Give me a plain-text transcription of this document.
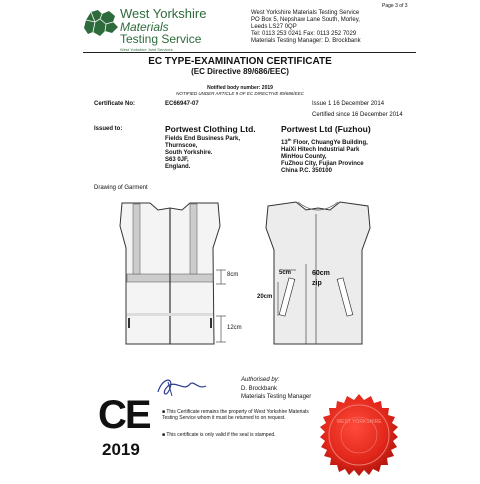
West Yorkshire
Materials
Testing Service
West Yorkshire Joint Services
Page 3 of 3
West Yorkshire Materials Testing Service
PO Box 5, Nepshaw Lane South, Morley,
Leeds LS27 0QP
Tel: 0113 253 0241 Fax: 0113 252 7029
Materials Testing Manager: D. Brockbank
EC TYPE-EXAMINATION CERTIFICATE
(EC Directive 89/686/EEC)
Notified body number: 2019
NOTIFIED UNDER ARTICLE 9 OF EC DIRECTIVE 89/686/EEC
Certificate No:	EC66947-07	Issue 1 16 December 2014
Certified since 16 December 2014
Issued to:	Portwest Clothing Ltd.
Fields End Business Park,
Thurnscoe,
South Yorkshire.
S63 0JF,
England.
Portwest Ltd (Fuzhou)
13th Floor, ChuangYe Building,
HaiXi Hitech Industrial Park
MinHou County,
FuZhou City, Fujian Province
China P.C. 350100
Drawing of Garment
8cm
12cm
5cm	60cm
zip
20cm
Authorised by:
D. Brockbank
Materials Testing Manager
■ This Certificate remains the property of West Yorkshire Materials Testing Service whom it must be returned to on request.
■ This certificate is only valid if the seal is stamped.
CE
2019
WEST YORKSHIRE
